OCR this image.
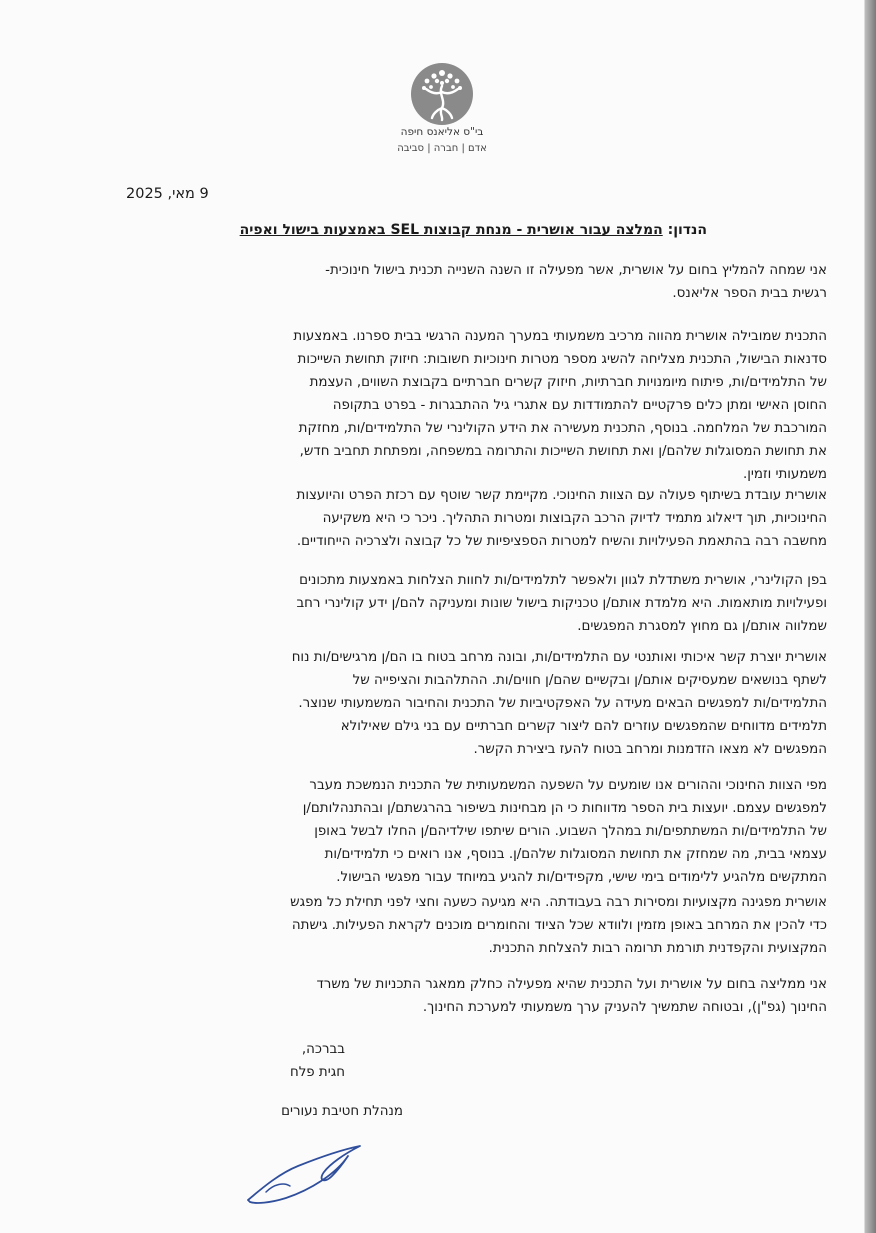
בי"ס אליאנס חיפה
אדם | חברה | סביבה
9 מאי, 2025
הנדון: המלצה עבור אושרית - מנחת קבוצות SEL באמצעות בישול ואפיה
אני שמחה להמליץ בחום על אושרית, אשר מפעילה זו השנה השנייה תכנית בישול חינוכית-
רגשית בבית הספר אליאנס.
התכנית שמובילה אושרית מהווה מרכיב משמעותי במערך המענה הרגשי בבית ספרנו. באמצעות
סדנאות הבישול, התכנית מצליחה להשיג מספר מטרות חינוכיות חשובות: חיזוק תחושת השייכות
של התלמידים/ות, פיתוח מיומנויות חברתיות, חיזוק קשרים חברתיים בקבוצת השווים, העצמת
החוסן האישי ומתן כלים פרקטיים להתמודדות עם אתגרי גיל ההתבגרות - בפרט בתקופה
המורכבת של המלחמה. בנוסף, התכנית מעשירה את הידע הקולינרי של התלמידים/ות, מחזקת
את תחושת המסוגלות שלהם/ן ואת תחושת השייכות והתרומה במשפחה, ומפתחת תחביב חדש,
משמעותי וזמין.
אושרית עובדת בשיתוף פעולה עם הצוות החינוכי. מקיימת קשר שוטף עם רכזת הפרט והיועצות
החינוכיות, תוך דיאלוג מתמיד לדיוק הרכב הקבוצות ומטרות התהליך. ניכר כי היא משקיעה
מחשבה רבה בהתאמת הפעילויות והשיח למטרות הספציפיות של כל קבוצה ולצרכיה הייחודיים.
בפן הקולינרי, אושרית משתדלת לגוון ולאפשר לתלמידים/ות לחוות הצלחות באמצעות מתכונים
ופעילויות מותאמות. היא מלמדת אותם/ן טכניקות בישול שונות ומעניקה להם/ן ידע קולינרי רחב
שמלווה אותם/ן גם מחוץ למסגרת המפגשים.
אושרית יוצרת קשר איכותי ואותנטי עם התלמידים/ות, ובונה מרחב בטוח בו הם/ן מרגישים/ות נוח
לשתף בנושאים שמעסיקים אותם/ן ובקשיים שהם/ן חווים/ות. ההתלהבות והציפייה של
התלמידים/ות למפגשים הבאים מעידה על האפקטיביות של התכנית והחיבור המשמעותי שנוצר.
תלמידים מדווחים שהמפגשים עוזרים להם ליצור קשרים חברתיים עם בני גילם שאילולא
המפגשים לא מצאו הזדמנות ומרחב בטוח להעז ביצירת הקשר.
מפי הצוות החינוכי וההורים אנו שומעים על השפעה המשמעותית של התכנית הנמשכת מעבר
למפגשים עצמם. יועצות בית הספר מדווחות כי הן מבחינות בשיפור בהרגשתם/ן ובהתנהלותם/ן
של התלמידים/ות המשתתפים/ות במהלך השבוע. הורים שיתפו שילדיהם/ן החלו לבשל באופן
עצמאי בבית, מה שמחזק את תחושת המסוגלות שלהם/ן. בנוסף, אנו רואים כי תלמידים/ות
המתקשים מלהגיע ללימודים בימי שישי, מקפידים/ות להגיע במיוחד עבור מפגשי הבישול.
אושרית מפגינה מקצועיות ומסירות רבה בעבודתה. היא מגיעה כשעה וחצי לפני תחילת כל מפגש
כדי להכין את המרחב באופן מזמין ולוודא שכל הציוד והחומרים מוכנים לקראת הפעילות. גישתה
המקצועית והקפדנית תורמת תרומה רבות להצלחת התכנית.
אני ממליצה בחום על אושרית ועל התכנית שהיא מפעילה כחלק ממאגר התכניות של משרד
החינוך (גפ"ן), ובטוחה שתמשיך להעניק ערך משמעותי למערכת החינוך.
בברכה,
חגית פלח
מנהלת חטיבת נעורים
